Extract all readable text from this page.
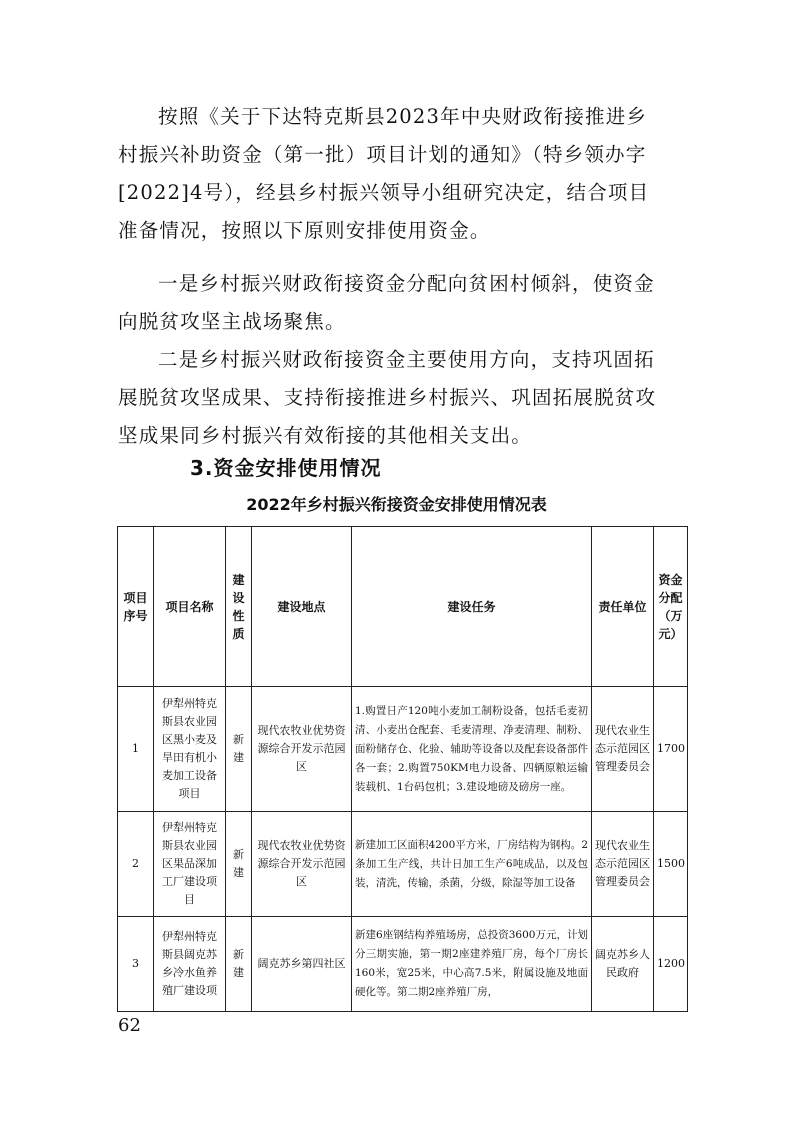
按照《关于下达特克斯县2023年中央财政衔接推进乡
村振兴补助资金（第一批）项目计划的通知》（特乡领办字
[2022]4号），经县乡村振兴领导小组研究决定，结合项目
准备情况，按照以下原则安排使用资金。
一是乡村振兴财政衔接资金分配向贫困村倾斜，使资金
向脱贫攻坚主战场聚焦。
二是乡村振兴财政衔接资金主要使用方向，支持巩固拓
展脱贫攻坚成果、支持衔接推进乡村振兴、巩固拓展脱贫攻
坚成果同乡村振兴有效衔接的其他相关支出。
3.资金安排使用情况
2022年乡村振兴衔接资金安排使用情况表
项目序号	项目名称	建设性质	建设地点	建设任务	责任单位	资金分配（万元）
1	伊犁州特克斯县农业园区黑小麦及旱田有机小麦加工设备项目	新建	现代农牧业优势资源综合开发示范园区	1.购置日产120吨小麦加工制粉设备，包括毛麦初清、小麦出仓配套、毛麦清理、净麦清理、制粉、面粉储存仓、化验、辅助等设备以及配套设备部件各一套；2.购置750KM电力设备、四辆原粮运输装载机、1台码包机；3.建设地磅及磅房一座。	现代农业生态示范园区管理委员会	1700
2	伊犁州特克斯县农业园区果品深加工厂建设项目	新建	现代农牧业优势资源综合开发示范园区	新建加工区面积4200平方米，厂房结构为钢构。2条加工生产线，共计日加工生产6吨成品，以及包装，清洗，传输，杀菌，分级，除湿等加工设备	现代农业生态示范园区管理委员会	1500
3	伊犁州特克斯县阔克苏乡冷水鱼养殖厂建设项	新建	阔克苏乡第四社区	新建6座钢结构养殖场房，总投资3600万元，计划分三期实施，第一期2座建养殖厂房，每个厂房长160米，宽25米，中心高7.5米，附属设施及地面硬化等。第二期2座养殖厂房，	阔克苏乡人民政府	1200
62
